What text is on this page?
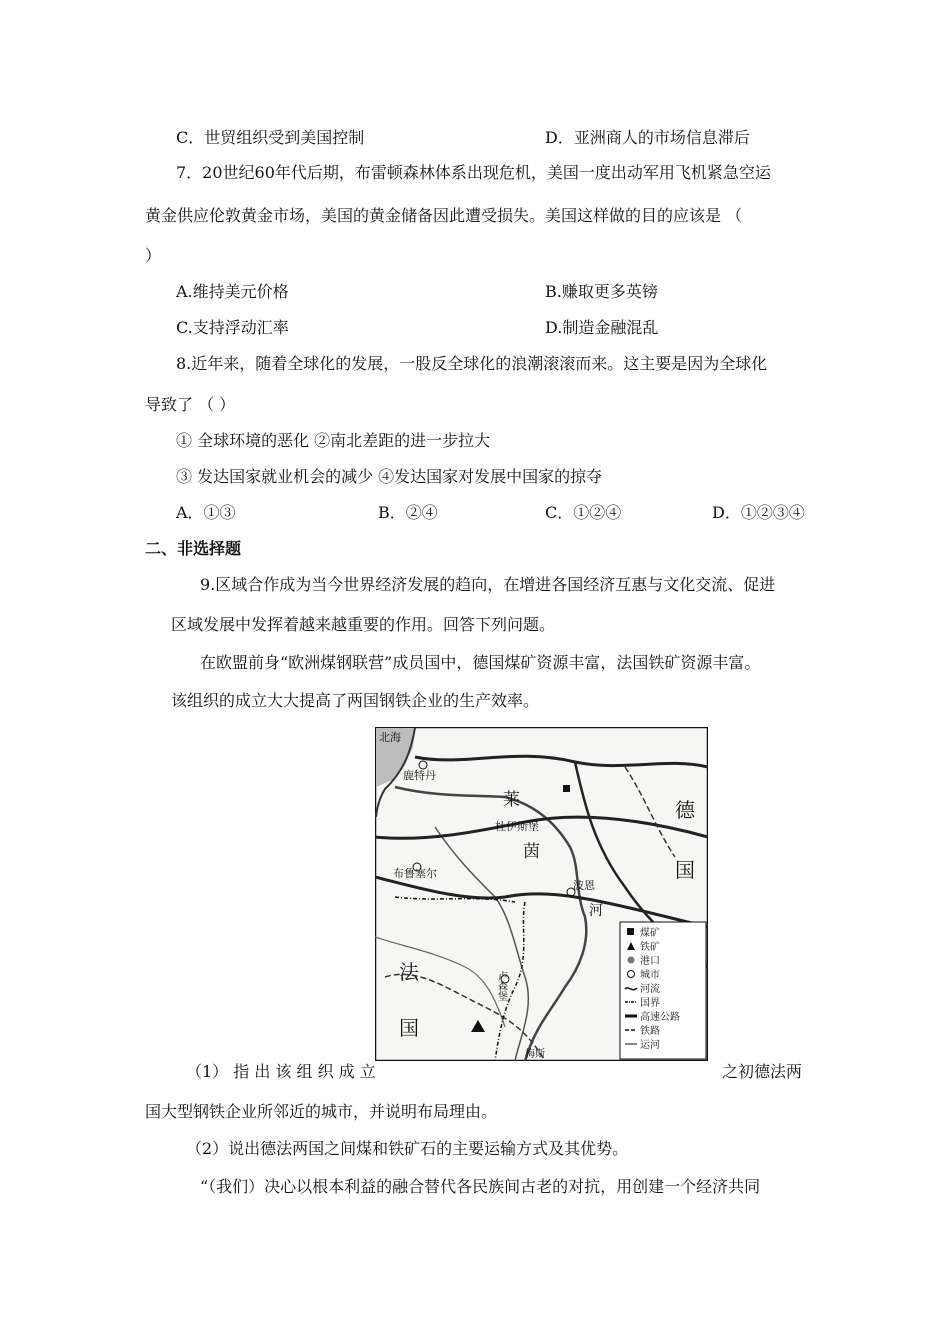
C．世贸组织受到美国控制	D．亚洲商人的市场信息滞后
7．20世纪60年代后期，布雷顿森林体系出现危机，美国一度出动军用飞机紧急空运
黄金供应伦敦黄金市场，美国的黄金储备因此遭受损失。美国这样做的目的应该是 （
）
A.维持美元价格	B.赚取更多英镑
C.支持浮动汇率	D.制造金融混乱
8.近年来，随着全球化的发展，一股反全球化的浪潮滚滚而来。这主要是因为全球化
导致了 （ ）
① 全球环境的恶化 ②南北差距的进一步拉大
③ 发达国家就业机会的减少 ④发达国家对发展中国家的掠夺
A．①③	B．②④	C．①②④	D．①②③④
二、非选择题
9.区域合作成为当今世界经济发展的趋向，在增进各国经济互惠与文化交流、促进
区域发展中发挥着越来越重要的作用。回答下列问题。
在欧盟前身“欧洲煤钢联营”成员国中，德国煤矿资源丰富，法国铁矿资源丰富。
该组织的成立大大提高了两国钢铁企业的生产效率。
（1） 指 出 该 组 织 成 立	之初德法两
国大型钢铁企业所邻近的城市，并说明布局理由。
（2）说出德法两国之间煤和铁矿石的主要运输方式及其优势。
“（我们）决心以根本利益的融合替代各民族间古老的对抗，用创建一个经济共同
北海
鹿特丹
莱
杜伊斯堡
茵
德
国
布鲁塞尔
波恩
河
法
国
卢森堡
梅斯
煤矿
铁矿
港口
城市
河流
国界
高速公路
铁路
运河
